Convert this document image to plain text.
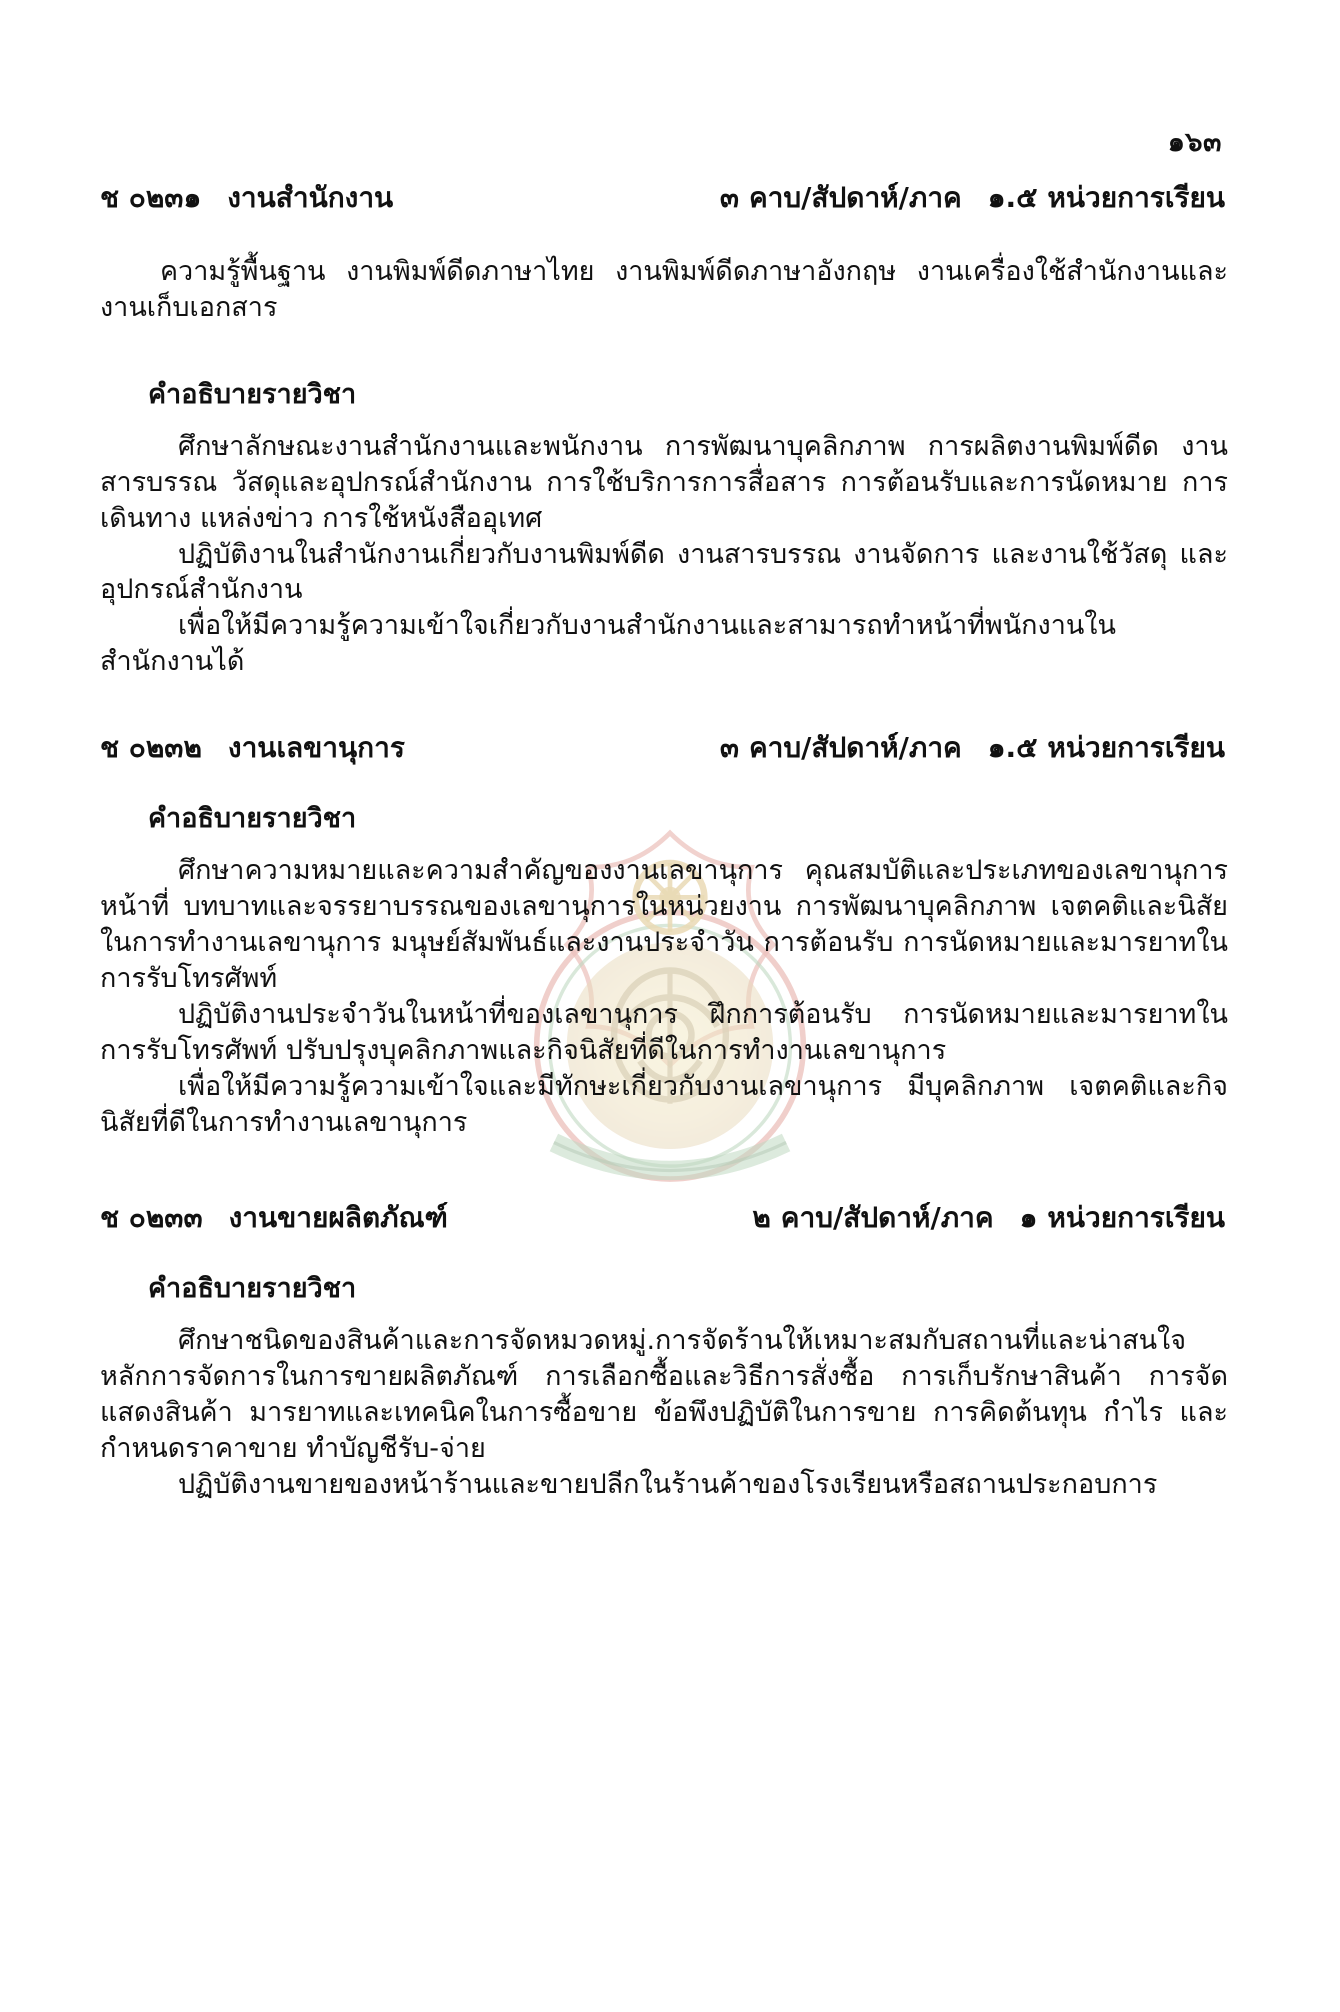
๑๖๓
ช ๐๒๓๑ งานสำนักงาน	๓ คาบ/สัปดาห์/ภาค ๑.๕ หน่วยการเรียน
ความรู้พื้นฐาน งานพิมพ์ดีดภาษาไทย งานพิมพ์ดีดภาษาอังกฤษ งานเครื่องใช้สำนักงานและงานเก็บเอกสาร
คำอธิบายรายวิชา
ศึกษาลักษณะงานสำนักงานและพนักงาน การพัฒนาบุคลิกภาพ การผลิตงานพิมพ์ดีด งานสารบรรณ วัสดุและอุปกรณ์สำนักงาน การใช้บริการการสื่อสาร การต้อนรับและการนัดหมาย การเดินทาง แหล่งข่าว การใช้หนังสืออุเทศ
ปฏิบัติงานในสำนักงานเกี่ยวกับงานพิมพ์ดีด งานสารบรรณ งานจัดการ และงานใช้วัสดุ และอุปกรณ์สำนักงาน
เพื่อให้มีความรู้ความเข้าใจเกี่ยวกับงานสำนักงานและสามารถทำหน้าที่พนักงานในสำนักงานได้
ช ๐๒๓๒ งานเลขานุการ	๓ คาบ/สัปดาห์/ภาค ๑.๕ หน่วยการเรียน
คำอธิบายรายวิชา
ศึกษาความหมายและความสำคัญของงานเลขานุการ คุณสมบัติและประเภทของเลขานุการ หน้าที่ บทบาทและจรรยาบรรณของเลขานุการในหน่วยงาน การพัฒนาบุคลิกภาพ เจตคติและนิสัยในการทำงานเลขานุการ มนุษย์สัมพันธ์และงานประจำวัน การต้อนรับ การนัดหมายและมารยาทในการรับโทรศัพท์
ปฏิบัติงานประจำวันในหน้าที่ของเลขานุการ ฝึกการต้อนรับ การนัดหมายและมารยาทในการรับโทรศัพท์ ปรับปรุงบุคลิกภาพและกิจนิสัยที่ดีในการทำงานเลขานุการ
เพื่อให้มีความรู้ความเข้าใจและมีทักษะเกี่ยวกับงานเลขานุการ มีบุคลิกภาพ เจตคติและกิจนิสัยที่ดีในการทำงานเลขานุการ
ช ๐๒๓๓ งานขายผลิตภัณฑ์	๒ คาบ/สัปดาห์/ภาค ๑ หน่วยการเรียน
คำอธิบายรายวิชา
ศึกษาชนิดของสินค้าและการจัดหมวดหมู่.การจัดร้านให้เหมาะสมกับสถานที่และน่าสนใจ หลักการจัดการในการขายผลิตภัณฑ์ การเลือกซื้อและวิธีการสั่งซื้อ การเก็บรักษาสินค้า การจัดแสดงสินค้า มารยาทและเทคนิคในการซื้อขาย ข้อพึงปฏิบัติในการขาย การคิดต้นทุน กำไร และกำหนดราคาขาย ทำบัญชีรับ-จ่าย
ปฏิบัติงานขายของหน้าร้านและขายปลีกในร้านค้าของโรงเรียนหรือสถานประกอบการ
